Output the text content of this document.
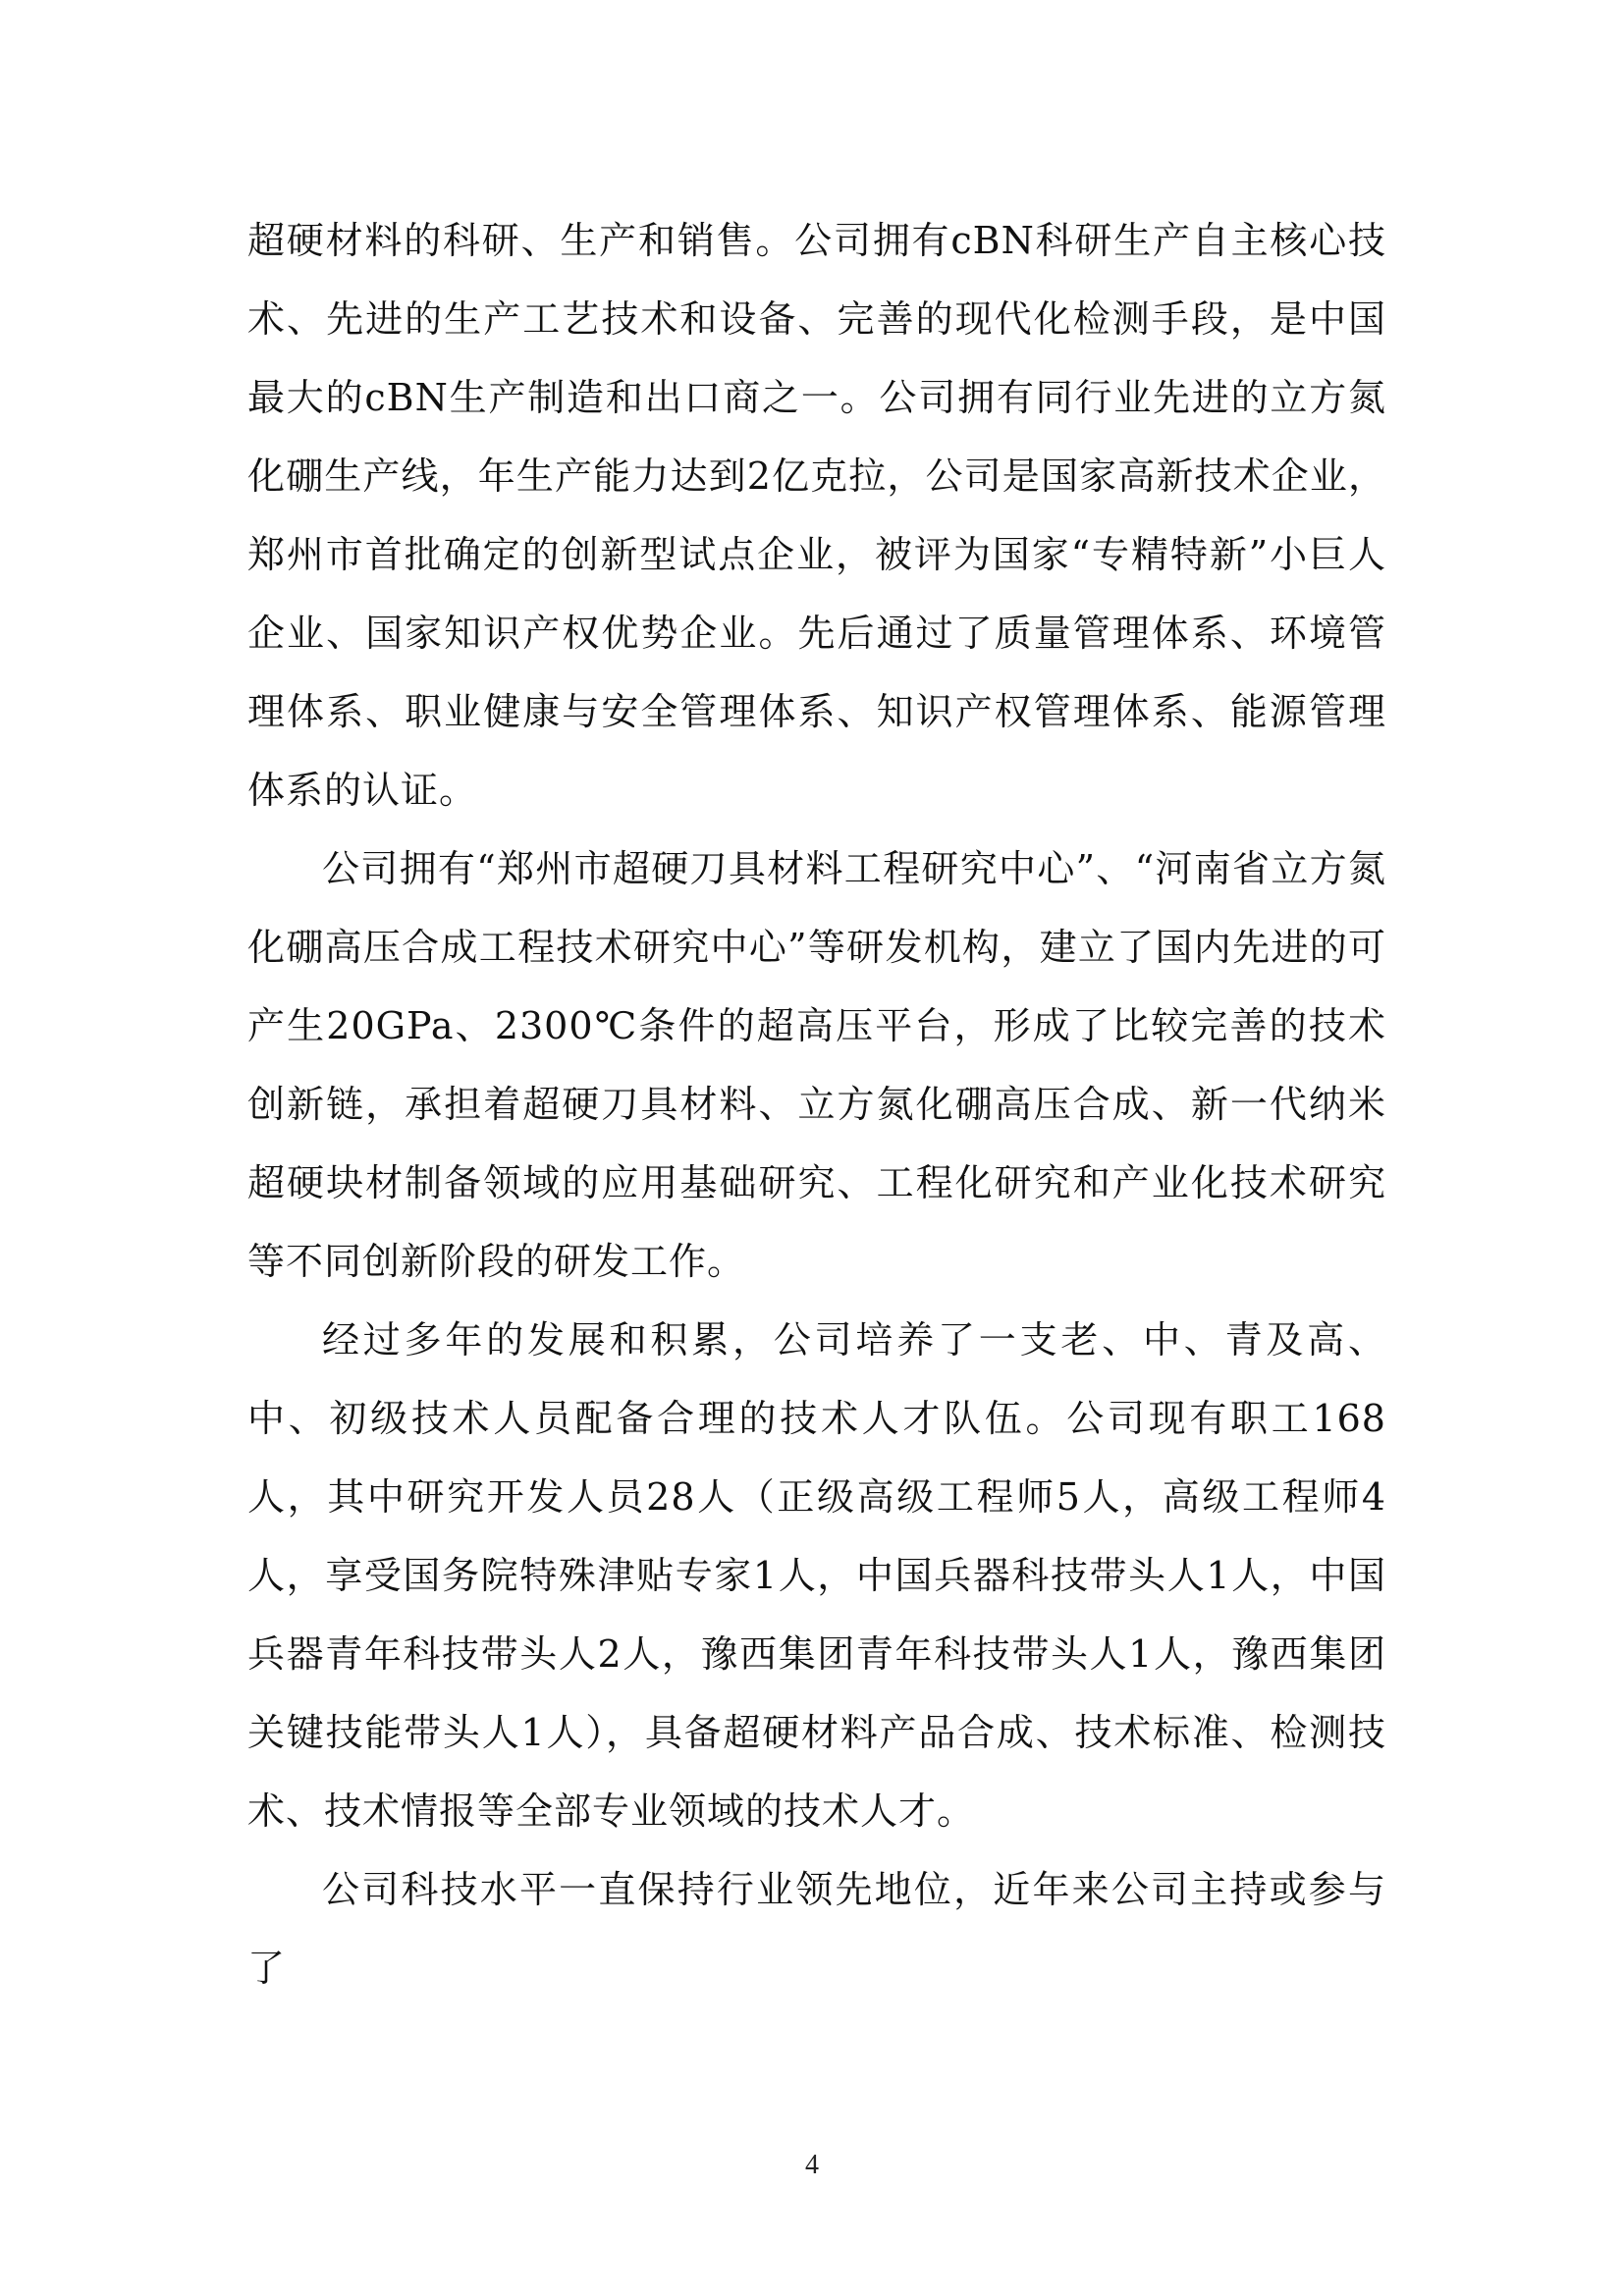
超硬材料的科研、生产和销售。公司拥有cBN科研生产自主核心技术、先进的生产工艺技术和设备、完善的现代化检测手段，是中国最大的cBN生产制造和出口商之一。公司拥有同行业先进的立方氮化硼生产线，年生产能力达到2亿克拉，公司是国家高新技术企业，郑州市首批确定的创新型试点企业，被评为国家“专精特新”小巨人企业、国家知识产权优势企业。先后通过了质量管理体系、环境管理体系、职业健康与安全管理体系、知识产权管理体系、能源管理体系的认证。

公司拥有“郑州市超硬刀具材料工程研究中心”、“河南省立方氮化硼高压合成工程技术研究中心”等研发机构，建立了国内先进的可产生20GPa、2300℃条件的超高压平台，形成了比较完善的技术创新链，承担着超硬刀具材料、立方氮化硼高压合成、新一代纳米超硬块材制备领域的应用基础研究、工程化研究和产业化技术研究等不同创新阶段的研发工作。

经过多年的发展和积累，公司培养了一支老、中、青及高、中、初级技术人员配备合理的技术人才队伍。公司现有职工168人，其中研究开发人员28人（正级高级工程师5人，高级工程师4人，享受国务院特殊津贴专家1人，中国兵器科技带头人1人，中国兵器青年科技带头人2人，豫西集团青年科技带头人1人，豫西集团关键技能带头人1人），具备超硬材料产品合成、技术标准、检测技术、技术情报等全部专业领域的技术人才。

公司科技水平一直保持行业领先地位，近年来公司主持或参与了

4
